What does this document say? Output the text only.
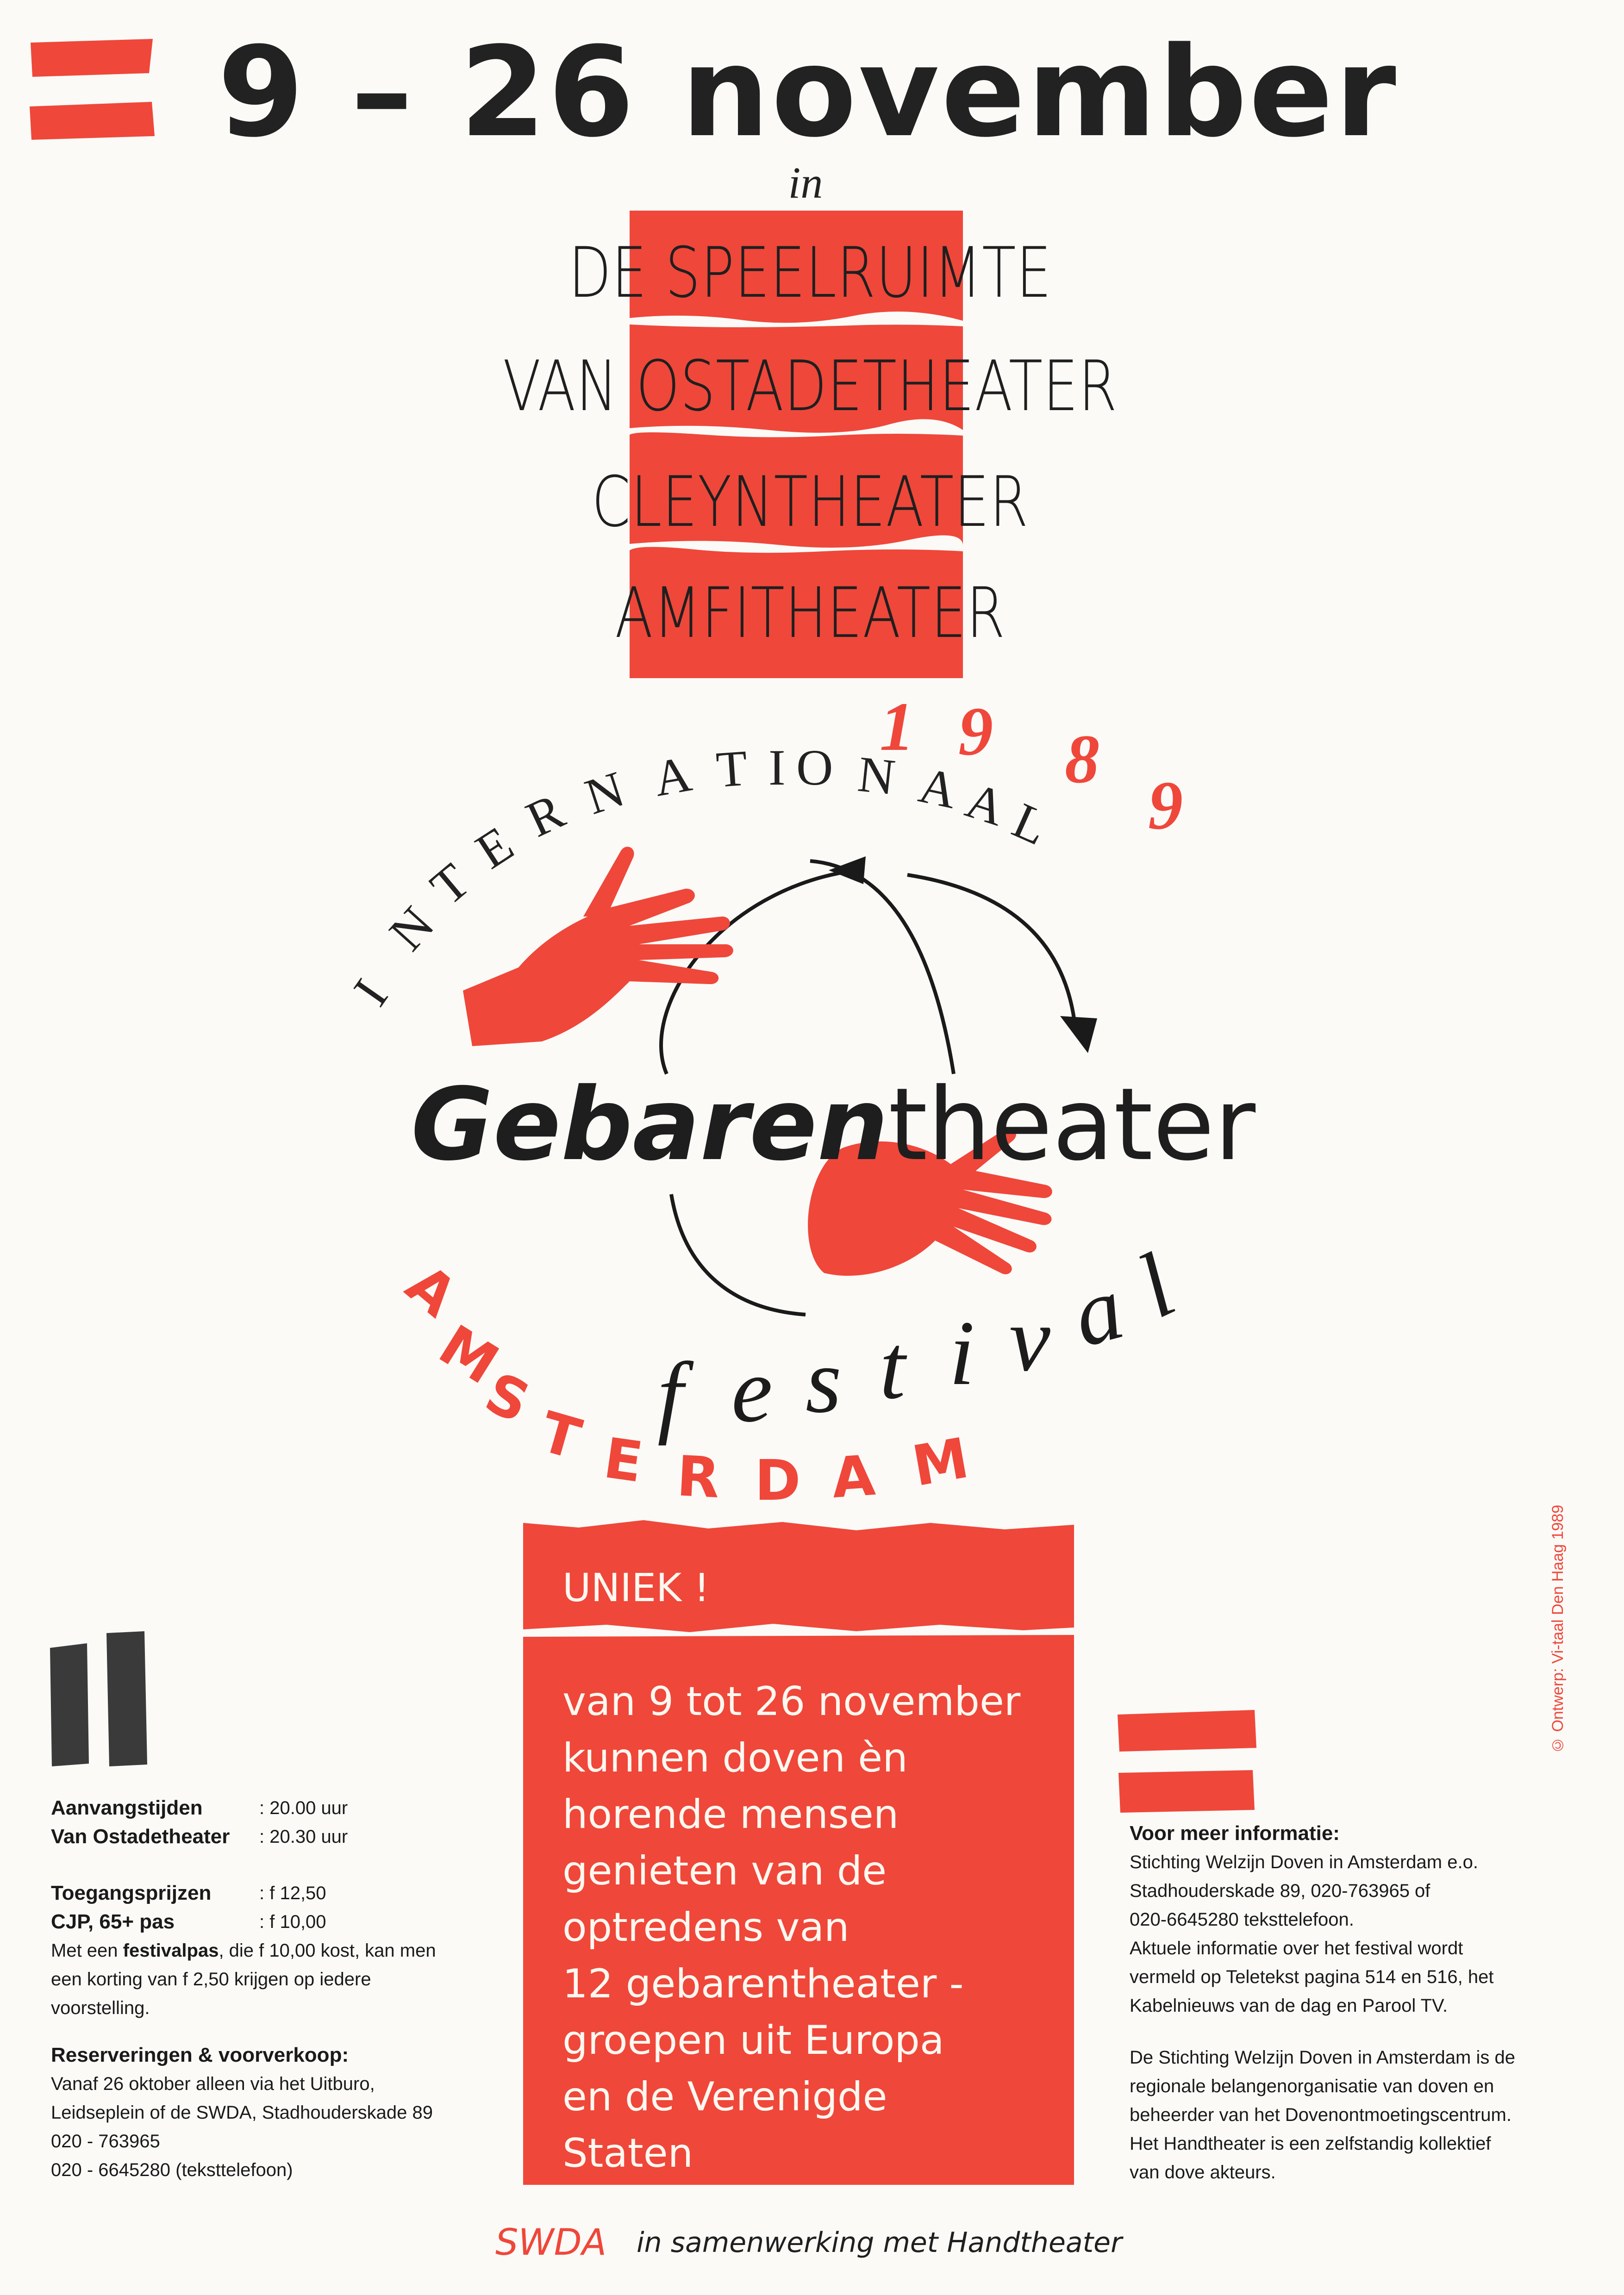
9 – 26 november
in
DE SPEELRUIMTE
VAN OSTADETHEATER
CLEYNTHEATER
AMFITHEATER
1 9 8
9
I
N
T
E
R N A T I O N A
A
L
A
M
S
T E R D A M
f e s t i v a
l
Gebarentheater
UNIEK !
van 9 tot 26 november
kunnen doven èn
horende mensen
genieten van de
optredens van
12 gebarentheater -
groepen uit Europa
en de Verenigde
Staten
Aanvangstijden	: 20.00 uur
Van Ostadetheater : 20.30 uur
Toegangsprijzen	: f 12,50
CJP, 65+ pas	: f 10,00
Met een festivalpas, die f 10,00 kost, kan men
een korting van f 2,50 krijgen op iedere
voorstelling.
Reserveringen & voorverkoop:
Vanaf 26 oktober alleen via het Uitburo,
Leidseplein of de SWDA, Stadhouderskade 89
020 - 763965
020 - 6645280 (teksttelefoon)
Voor meer informatie:
Stichting Welzijn Doven in Amsterdam e.o.
Stadhouderskade 89, 020-763965 of
020-6645280 teksttelefoon.
Aktuele informatie over het festival wordt
vermeld op Teletekst pagina 514 en 516, het
Kabelnieuws van de dag en Parool TV.
De Stichting Welzijn Doven in Amsterdam is de
regionale belangenorganisatie van doven en
beheerder van het Dovenontmoetingscentrum.
Het Handtheater is een zelfstandig kollektief
van dove akteurs.
© Ontwerp: Vi-taal Den Haag 1989
SWDA	in samenwerking met Handtheater
